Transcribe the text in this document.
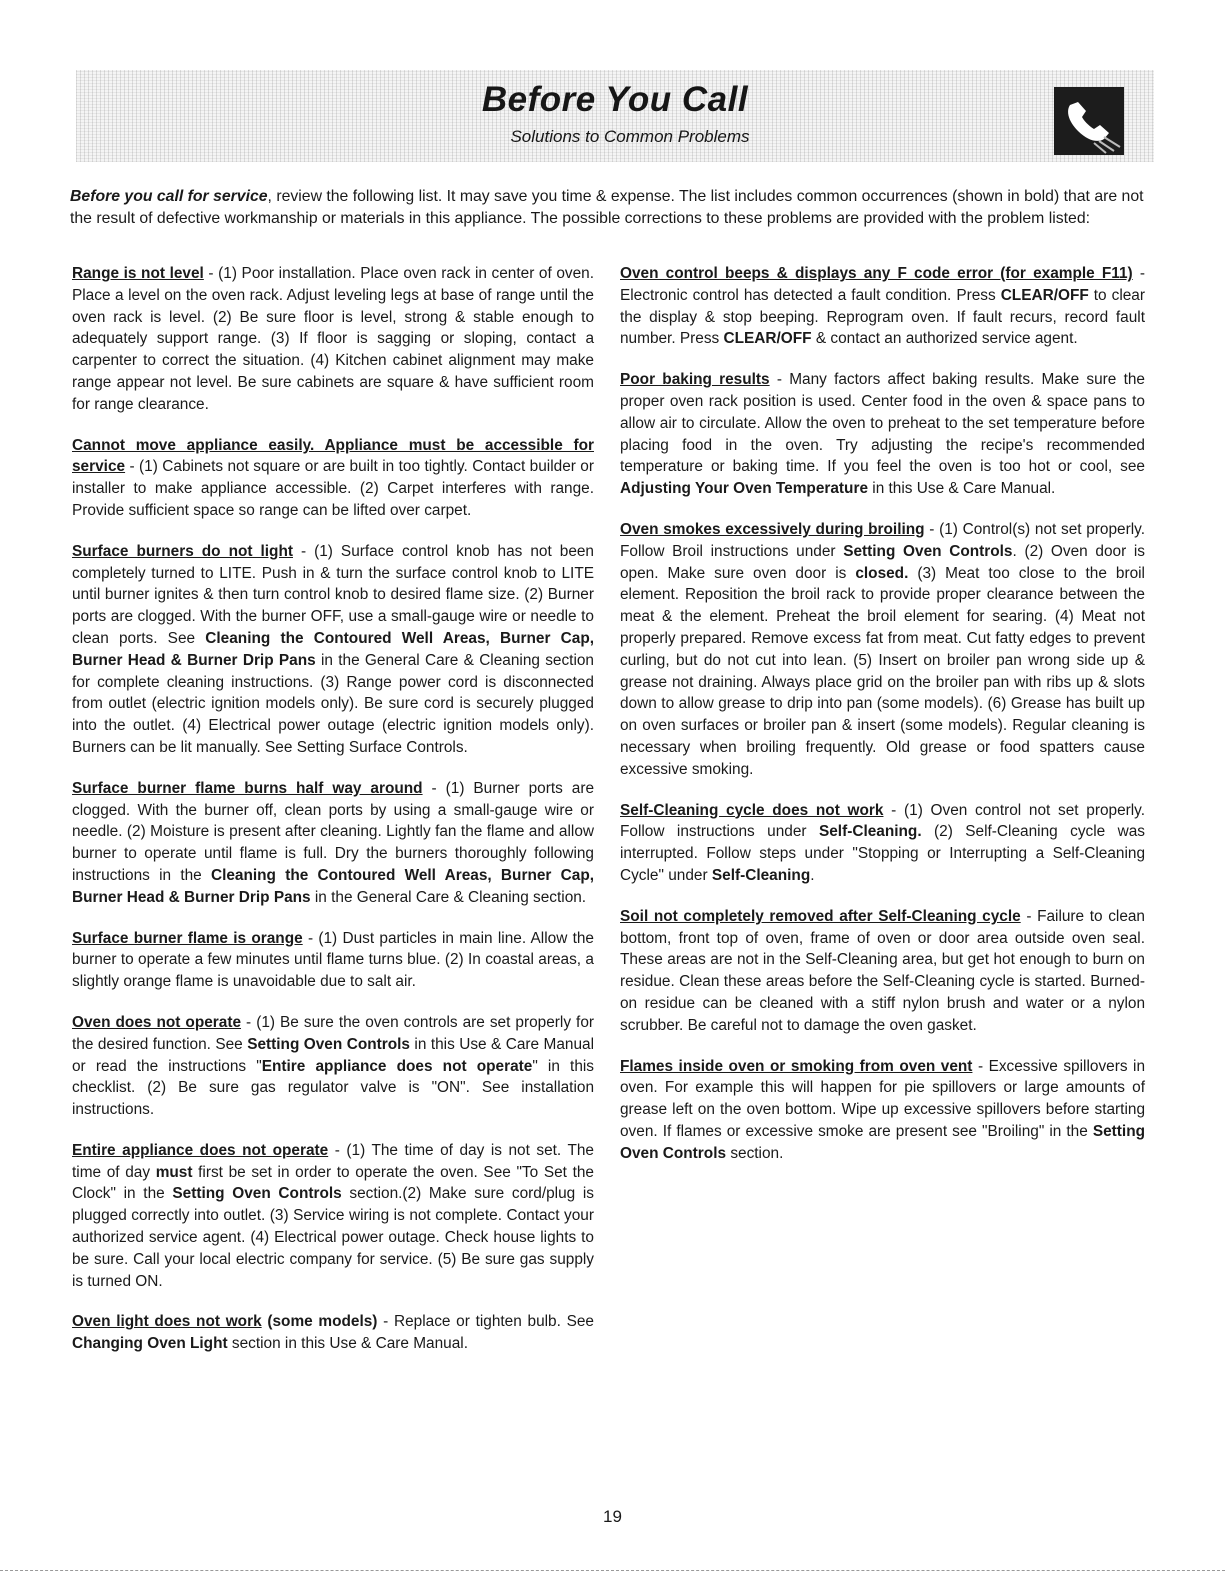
Before You Call
Solutions to Common Problems
Before you call for service, review the following list. It may save you time & expense. The list includes common occurrences (shown in bold) that are not the result of defective workmanship or materials in this appliance. The possible corrections to these problems are provided with the problem listed:
Range is not level - (1) Poor installation. Place oven rack in center of oven. Place a level on the oven rack. Adjust leveling legs at base of range until the oven rack is level. (2) Be sure floor is level, strong & stable enough to adequately support range. (3) If floor is sagging or sloping, contact a carpenter to correct the situation. (4) Kitchen cabinet alignment may make range appear not level. Be sure cabinets are square & have sufficient room for range clearance.
Cannot move appliance easily. Appliance must be accessible for service - (1) Cabinets not square or are built in too tightly. Contact builder or installer to make appliance accessible. (2) Carpet interferes with range. Provide sufficient space so range can be lifted over carpet.
Surface burners do not light - (1) Surface control knob has not been completely turned to LITE. Push in & turn the surface control knob to LITE until burner ignites & then turn control knob to desired flame size. (2) Burner ports are clogged. With the burner OFF, use a small-gauge wire or needle to clean ports. See Cleaning the Contoured Well Areas, Burner Cap, Burner Head & Burner Drip Pans in the General Care & Cleaning section for complete cleaning instructions. (3) Range power cord is disconnected from outlet (electric ignition models only). Be sure cord is securely plugged into the outlet. (4) Electrical power outage (electric ignition models only). Burners can be lit manually. See Setting Surface Controls.
Surface burner flame burns half way around - (1) Burner ports are clogged. With the burner off, clean ports by using a small-gauge wire or needle. (2) Moisture is present after cleaning. Lightly fan the flame and allow burner to operate until flame is full. Dry the burners thoroughly following instructions in the Cleaning the Contoured Well Areas, Burner Cap, Burner Head & Burner Drip Pans in the General Care & Cleaning section.
Surface burner flame is orange - (1) Dust particles in main line. Allow the burner to operate a few minutes until flame turns blue. (2) In coastal areas, a slightly orange flame is unavoidable due to salt air.
Oven does not operate - (1) Be sure the oven controls are set properly for the desired function. See Setting Oven Controls in this Use & Care Manual or read the instructions "Entire appliance does not operate" in this checklist. (2) Be sure gas regulator valve is "ON". See installation instructions.
Entire appliance does not operate - (1) The time of day is not set. The time of day must first be set in order to operate the oven. See "To Set the Clock" in the Setting Oven Controls section.(2) Make sure cord/plug is plugged correctly into outlet. (3) Service wiring is not complete. Contact your authorized service agent. (4) Electrical power outage. Check house lights to be sure. Call your local electric company for service. (5) Be sure gas supply is turned ON.
Oven light does not work (some models) - Replace or tighten bulb. See Changing Oven Light section in this Use & Care Manual.
Oven control beeps & displays any F code error (for example F11) - Electronic control has detected a fault condition. Press CLEAR/OFF to clear the display & stop beeping. Reprogram oven. If fault recurs, record fault number. Press CLEAR/OFF & contact an authorized service agent.
Poor baking results - Many factors affect baking results. Make sure the proper oven rack position is used. Center food in the oven & space pans to allow air to circulate. Allow the oven to preheat to the set temperature before placing food in the oven. Try adjusting the recipe's recommended temperature or baking time. If you feel the oven is too hot or cool, see Adjusting Your Oven Temperature in this Use & Care Manual.
Oven smokes excessively during broiling - (1) Control(s) not set properly. Follow Broil instructions under Setting Oven Controls. (2) Oven door is open. Make sure oven door is closed. (3) Meat too close to the broil element. Reposition the broil rack to provide proper clearance between the meat & the element. Preheat the broil element for searing. (4) Meat not properly prepared. Remove excess fat from meat. Cut fatty edges to prevent curling, but do not cut into lean. (5) Insert on broiler pan wrong side up & grease not draining. Always place grid on the broiler pan with ribs up & slots down to allow grease to drip into pan (some models). (6) Grease has built up on oven surfaces or broiler pan & insert (some models). Regular cleaning is necessary when broiling frequently. Old grease or food spatters cause excessive smoking.
Self-Cleaning cycle does not work - (1) Oven control not set properly. Follow instructions under Self-Cleaning. (2) Self-Cleaning cycle was interrupted. Follow steps under "Stopping or Interrupting a Self-Cleaning Cycle" under Self-Cleaning.
Soil not completely removed after Self-Cleaning cycle - Failure to clean bottom, front top of oven, frame of oven or door area outside oven seal. These areas are not in the Self-Cleaning area, but get hot enough to burn on residue. Clean these areas before the Self-Cleaning cycle is started. Burned-on residue can be cleaned with a stiff nylon brush and water or a nylon scrubber. Be careful not to damage the oven gasket.
Flames inside oven or smoking from oven vent - Excessive spillovers in oven. For example this will happen for pie spillovers or large amounts of grease left on the oven bottom. Wipe up excessive spillovers before starting oven. If flames or excessive smoke are present see "Broiling" in the Setting Oven Controls section.
19
